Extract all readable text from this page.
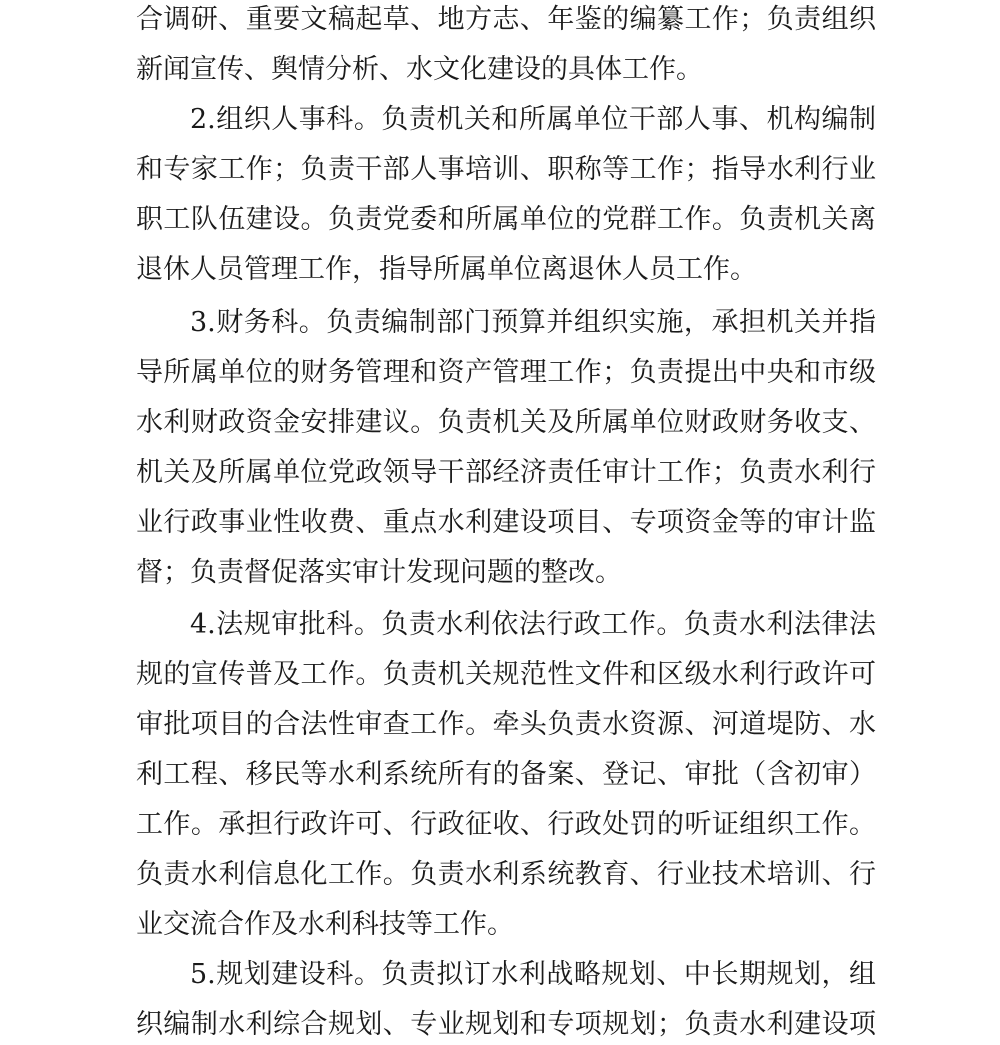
合调研、重要文稿起草、地方志、年鉴的编纂工作；负责组织
新闻宣传、舆情分析、水文化建设的具体工作。
2.组织人事科。负责机关和所属单位干部人事、机构编制
和专家工作；负责干部人事培训、职称等工作；指导水利行业
职工队伍建设。负责党委和所属单位的党群工作。负责机关离
退休人员管理工作，指导所属单位离退休人员工作。
3.财务科。负责编制部门预算并组织实施，承担机关并指
导所属单位的财务管理和资产管理工作；负责提出中央和市级
水利财政资金安排建议。负责机关及所属单位财政财务收支、
机关及所属单位党政领导干部经济责任审计工作；负责水利行
业行政事业性收费、重点水利建设项目、专项资金等的审计监
督；负责督促落实审计发现问题的整改。
4.法规审批科。负责水利依法行政工作。负责水利法律法
规的宣传普及工作。负责机关规范性文件和区级水利行政许可
审批项目的合法性审查工作。牵头负责水资源、河道堤防、水
利工程、移民等水利系统所有的备案、登记、审批（含初审）
工作。承担行政许可、行政征收、行政处罚的听证组织工作。
负责水利信息化工作。负责水利系统教育、行业技术培训、行
业交流合作及水利科技等工作。
5.规划建设科。负责拟订水利战略规划、中长期规划，组
织编制水利综合规划、专业规划和专项规划；负责水利建设项
